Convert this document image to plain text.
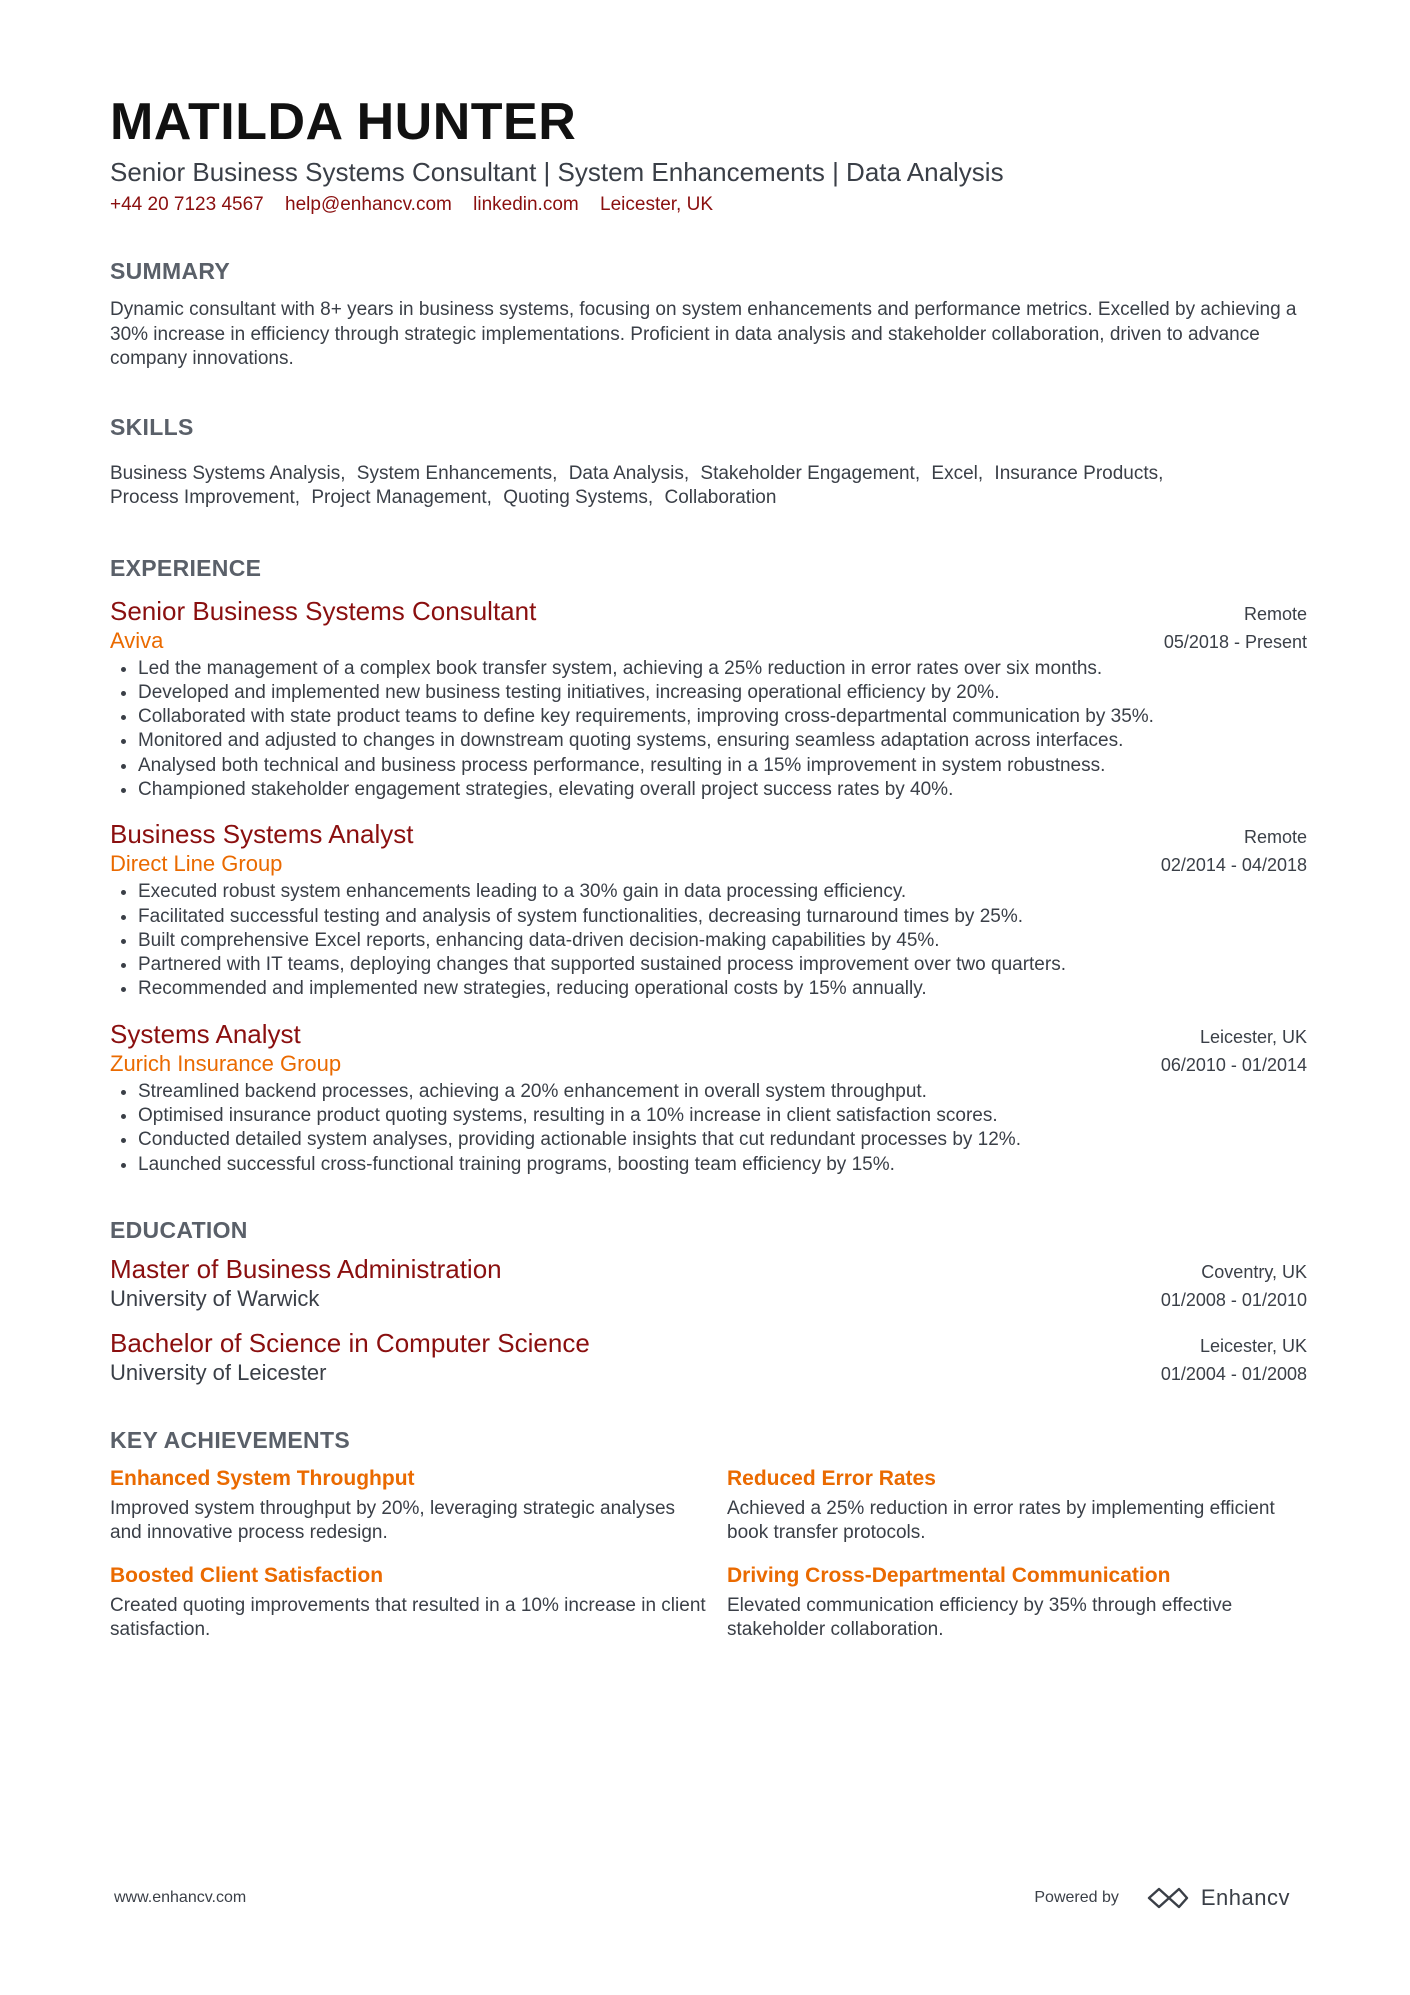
MATILDA HUNTER
Senior Business Systems Consultant | System Enhancements | Data Analysis
+44 20 7123 4567 help@enhancv.com linkedin.com Leicester, UK
SUMMARY
Dynamic consultant with 8+ years in business systems, focusing on system enhancements and performance metrics. Excelled by achieving a 30% increase in efficiency through strategic implementations. Proficient in data analysis and stakeholder collaboration, driven to advance company innovations.
SKILLS
Business Systems Analysis, System Enhancements, Data Analysis, Stakeholder Engagement, Excel, Insurance Products,
Process Improvement, Project Management, Quoting Systems, Collaboration
EXPERIENCE
Senior Business Systems Consultant	Remote
Aviva	05/2018 - Present
• Led the management of a complex book transfer system, achieving a 25% reduction in error rates over six months.
• Developed and implemented new business testing initiatives, increasing operational efficiency by 20%.
• Collaborated with state product teams to define key requirements, improving cross-departmental communication by 35%.
• Monitored and adjusted to changes in downstream quoting systems, ensuring seamless adaptation across interfaces.
• Analysed both technical and business process performance, resulting in a 15% improvement in system robustness.
• Championed stakeholder engagement strategies, elevating overall project success rates by 40%.
Business Systems Analyst	Remote
Direct Line Group	02/2014 - 04/2018
• Executed robust system enhancements leading to a 30% gain in data processing efficiency.
• Facilitated successful testing and analysis of system functionalities, decreasing turnaround times by 25%.
• Built comprehensive Excel reports, enhancing data-driven decision-making capabilities by 45%.
• Partnered with IT teams, deploying changes that supported sustained process improvement over two quarters.
• Recommended and implemented new strategies, reducing operational costs by 15% annually.
Systems Analyst	Leicester, UK
Zurich Insurance Group	06/2010 - 01/2014
• Streamlined backend processes, achieving a 20% enhancement in overall system throughput.
• Optimised insurance product quoting systems, resulting in a 10% increase in client satisfaction scores.
• Conducted detailed system analyses, providing actionable insights that cut redundant processes by 12%.
• Launched successful cross-functional training programs, boosting team efficiency by 15%.
EDUCATION
Master of Business Administration	Coventry, UK
University of Warwick	01/2008 - 01/2010
Bachelor of Science in Computer Science	Leicester, UK
University of Leicester	01/2004 - 01/2008
KEY ACHIEVEMENTS
Enhanced System Throughput
Improved system throughput by 20%, leveraging strategic analyses and innovative process redesign.
Reduced Error Rates
Achieved a 25% reduction in error rates by implementing efficient book transfer protocols.
Boosted Client Satisfaction
Created quoting improvements that resulted in a 10% increase in client satisfaction.
Driving Cross-Departmental Communication
Elevated communication efficiency by 35% through effective stakeholder collaboration.
www.enhancv.com	Powered by	Enhancv
